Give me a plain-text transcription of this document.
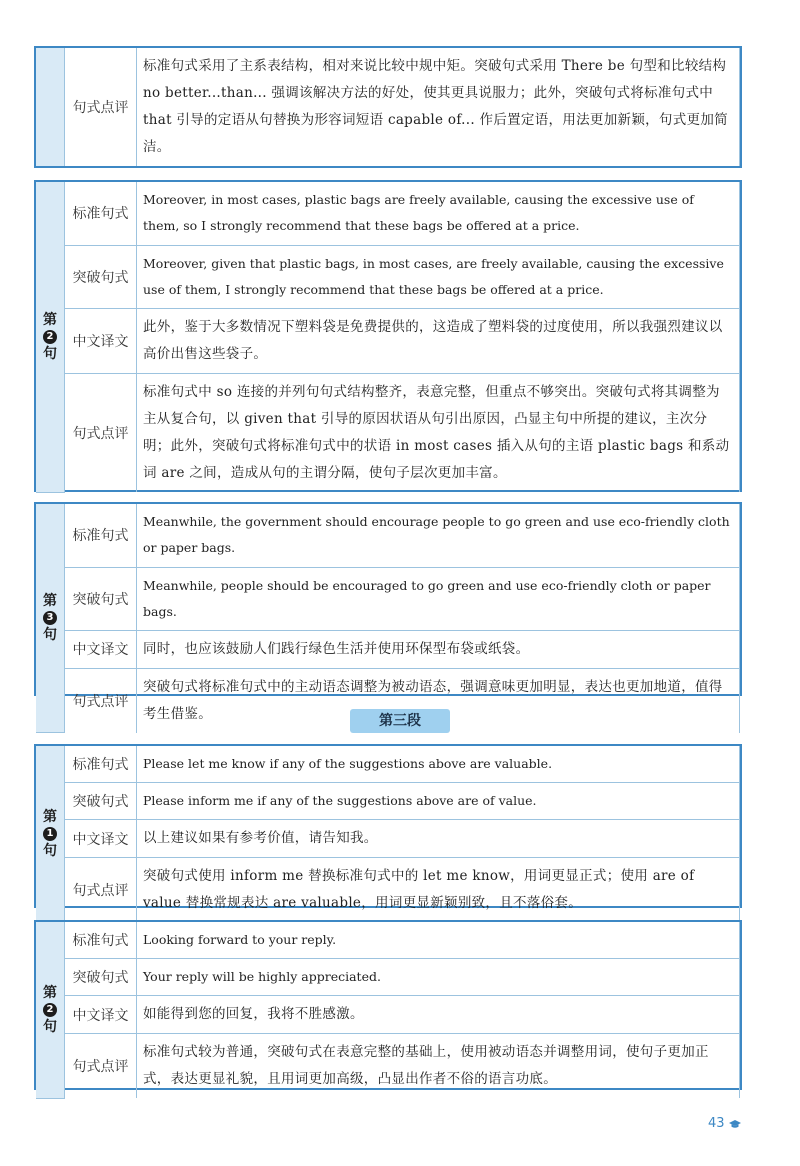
	句式点评	标准句式采用了主系表结构，相对来说比较中规中矩。突破句式采用 There be 句型和比较结构 no better...than... 强调该解决方法的好处，使其更具说服力；此外，突破句式将标准句式中 that 引导的定语从句替换为形容词短语 capable of... 作后置定语，用法更加新颖，句式更加简洁。
第
2
句	标准句式	Moreover, in most cases, plastic bags are freely available, causing the excessive use of them, so I strongly recommend that these bags be offered at a price.
	突破句式	Moreover, given that plastic bags, in most cases, are freely available, causing the excessive use of them, I strongly recommend that these bags be offered at a price.
	中文译文	此外，鉴于大多数情况下塑料袋是免费提供的，这造成了塑料袋的过度使用，所以我强烈建议以高价出售这些袋子。
	句式点评	标准句式中 so 连接的并列句句式结构整齐，表意完整，但重点不够突出。突破句式将其调整为主从复合句，以 given that 引导的原因状语从句引出原因，凸显主句中所提的建议，主次分明；此外，突破句式将标准句式中的状语 in most cases 插入从句的主语 plastic bags 和系动词 are 之间，造成从句的主谓分隔，使句子层次更加丰富。
第
3
句	标准句式	Meanwhile, the government should encourage people to go green and use eco-friendly cloth or paper bags.
	突破句式	Meanwhile, people should be encouraged to go green and use eco-friendly cloth or paper bags.
	中文译文	同时，也应该鼓励人们践行绿色生活并使用环保型布袋或纸袋。
	句式点评	突破句式将标准句式中的主动语态调整为被动语态，强调意味更加明显，表达也更加地道，值得考生借鉴。	第三段
第
1
句	标准句式	Please let me know if any of the suggestions above are valuable.
	突破句式	Please inform me if any of the suggestions above are of value.
	中文译文	以上建议如果有参考价值，请告知我。
	句式点评	突破句式使用 inform me 替换标准句式中的 let me know，用词更显正式；使用 are of value 替换常规表达 are valuable，用词更显新颖别致，且不落俗套。
第
2
句	标准句式	Looking forward to your reply.
	突破句式	Your reply will be highly appreciated.
	中文译文	如能得到您的回复，我将不胜感激。
	句式点评	标准句式较为普通，突破句式在表意完整的基础上，使用被动语态并调整用词，使句子更加正式，表达更显礼貌，且用词更加高级，凸显出作者不俗的语言功底。
43
